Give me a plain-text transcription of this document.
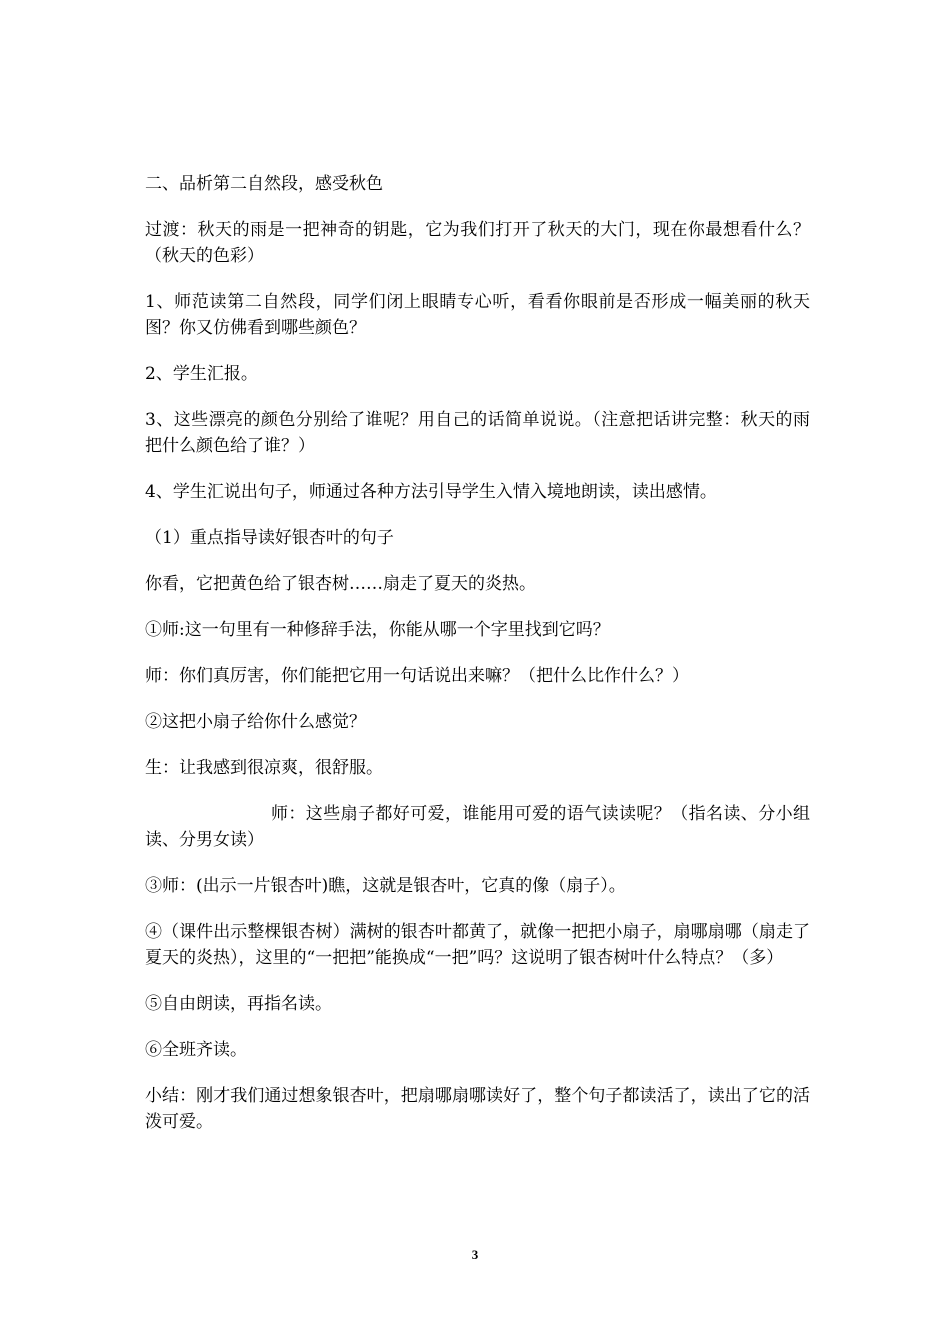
二、品析第二自然段，感受秋色

过渡：秋天的雨是一把神奇的钥匙，它为我们打开了秋天的大门，现在你最想看什么？（秋天的色彩）

1、师范读第二自然段，同学们闭上眼睛专心听，看看你眼前是否形成一幅美丽的秋天图？你又仿佛看到哪些颜色？

2、学生汇报。

3、这些漂亮的颜色分别给了谁呢？用自己的话简单说说。（注意把话讲完整：秋天的雨把什么颜色给了谁？）

4、学生汇说出句子，师通过各种方法引导学生入情入境地朗读，读出感情。

（1）重点指导读好银杏叶的句子

你看，它把黄色给了银杏树……扇走了夏天的炎热。

①师:这一句里有一种修辞手法，你能从哪一个字里找到它吗？

师：你们真厉害，你们能把它用一句话说出来嘛？（把什么比作什么？）

②这把小扇子给你什么感觉？

生：让我感到很凉爽，很舒服。

师：这些扇子都好可爱，谁能用可爱的语气读读呢？（指名读、分小组读、分男女读）

③师：(出示一片银杏叶)瞧，这就是银杏叶，它真的像（扇子）。

④（课件出示整棵银杏树）满树的银杏叶都黄了，就像一把把小扇子，扇哪扇哪（扇走了夏天的炎热），这里的“一把把”能换成“一把”吗？这说明了银杏树叶什么特点？（多）

⑤自由朗读，再指名读。

⑥全班齐读。

小结：刚才我们通过想象银杏叶，把扇哪扇哪读好了，整个句子都读活了，读出了它的活泼可爱。

3
